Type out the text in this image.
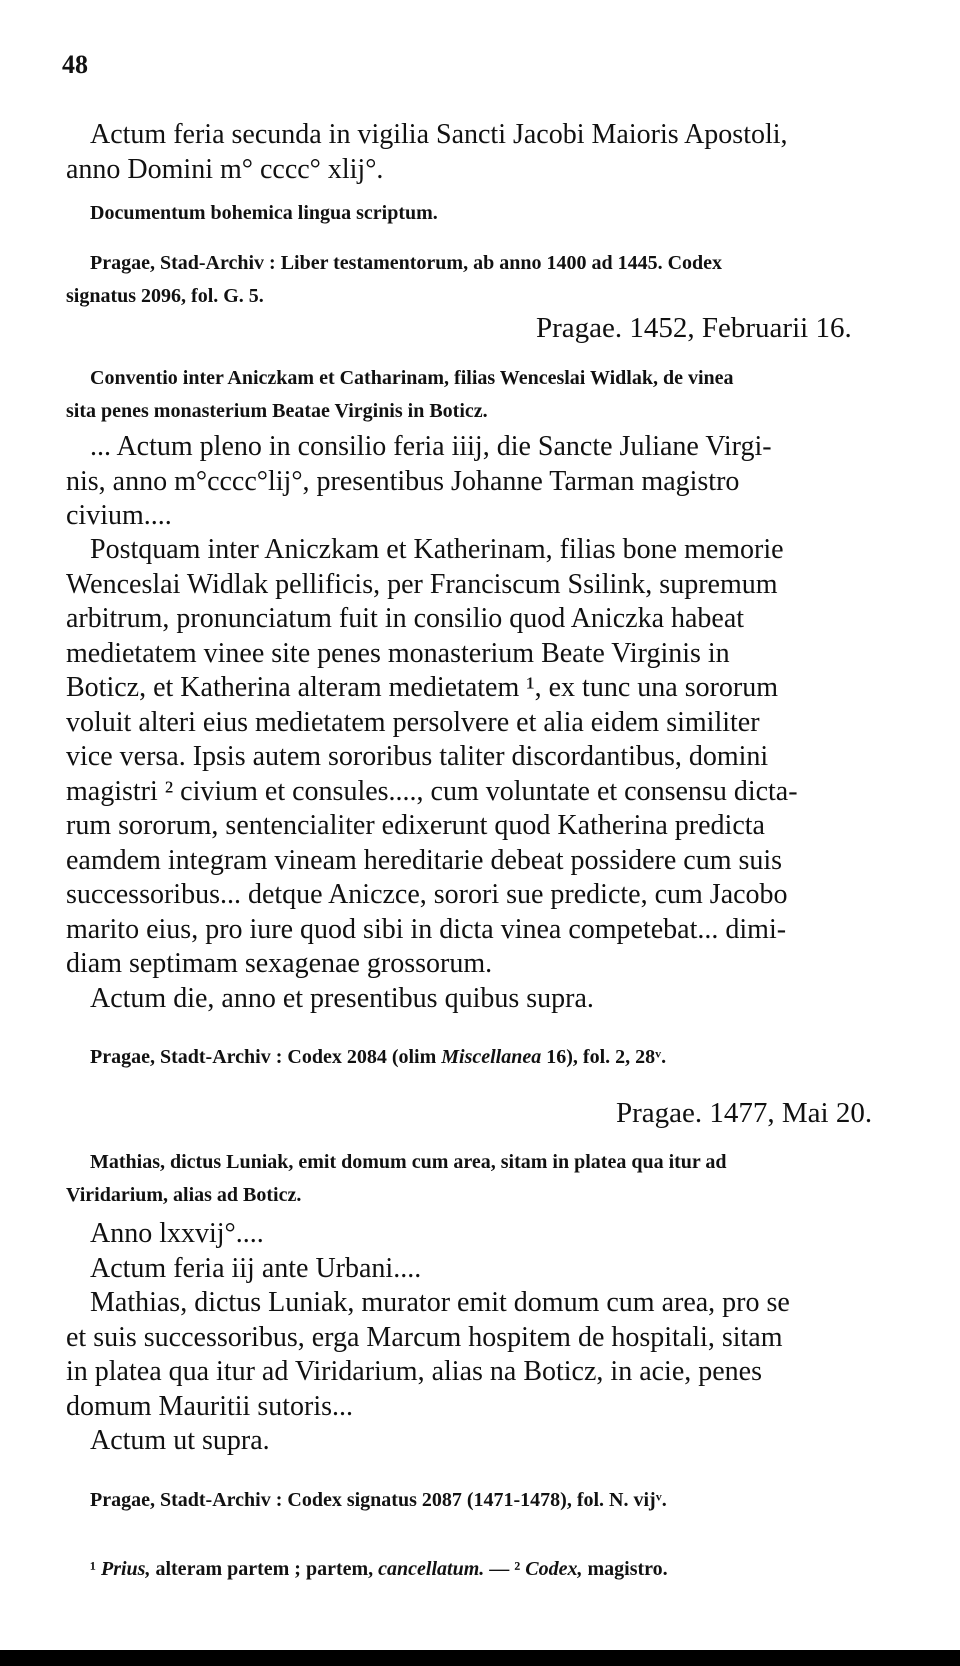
48
Actum feria secunda in vigilia Sancti Jacobi Maioris Apostoli,
anno Domini m° cccc° xlij°.
Documentum bohemica lingua scriptum.
Pragae, Stad-Archiv : Liber testamentorum, ab anno 1400 ad 1445. Codex
signatus 2096, fol. G. 5.
Pragae. 1452, Februarii 16.
Conventio inter Aniczkam et Catharinam, filias Wenceslai Widlak, de vinea
sita penes monasterium Beatae Virginis in Boticz.
... Actum pleno in consilio feria iiij, die Sancte Juliane Virgi-
nis, anno m°cccc°lij°, presentibus Johanne Tarman magistro
civium....
Postquam inter Aniczkam et Katherinam, filias bone memorie
Wenceslai Widlak pellificis, per Franciscum Ssilink, supremum
arbitrum, pronunciatum fuit in consilio quod Aniczka habeat
medietatem vinee site penes monasterium Beate Virginis in
Boticz, et Katherina alteram medietatem ¹, ex tunc una sororum
voluit alteri eius medietatem persolvere et alia eidem similiter
vice versa. Ipsis autem sororibus taliter discordantibus, domini
magistri ² civium et consules...., cum voluntate et consensu dicta-
rum sororum, sentencialiter edixerunt quod Katherina predicta
eamdem integram vineam hereditarie debeat possidere cum suis
successoribus... detque Aniczce, sorori sue predicte, cum Jacobo
marito eius, pro iure quod sibi in dicta vinea competebat... dimi-
diam septimam sexagenae grossorum.
Actum die, anno et presentibus quibus supra.
Pragae, Stadt-Archiv : Codex 2084 (olim Miscellanea 16), fol. 2, 28ᵛ.
Pragae. 1477, Mai 20.
Mathias, dictus Luniak, emit domum cum area, sitam in platea qua itur ad
Viridarium, alias ad Boticz.
Anno lxxvij°....
Actum feria iij ante Urbani....
Mathias, dictus Luniak, murator emit domum cum area, pro se
et suis successoribus, erga Marcum hospitem de hospitali, sitam
in platea qua itur ad Viridarium, alias na Boticz, in acie, penes
domum Mauritii sutoris...
Actum ut supra.
Pragae, Stadt-Archiv : Codex signatus 2087 (1471-1478), fol. N. vijᵛ.
¹ Prius, alteram partem ; partem, cancellatum. — ² Codex, magistro.
